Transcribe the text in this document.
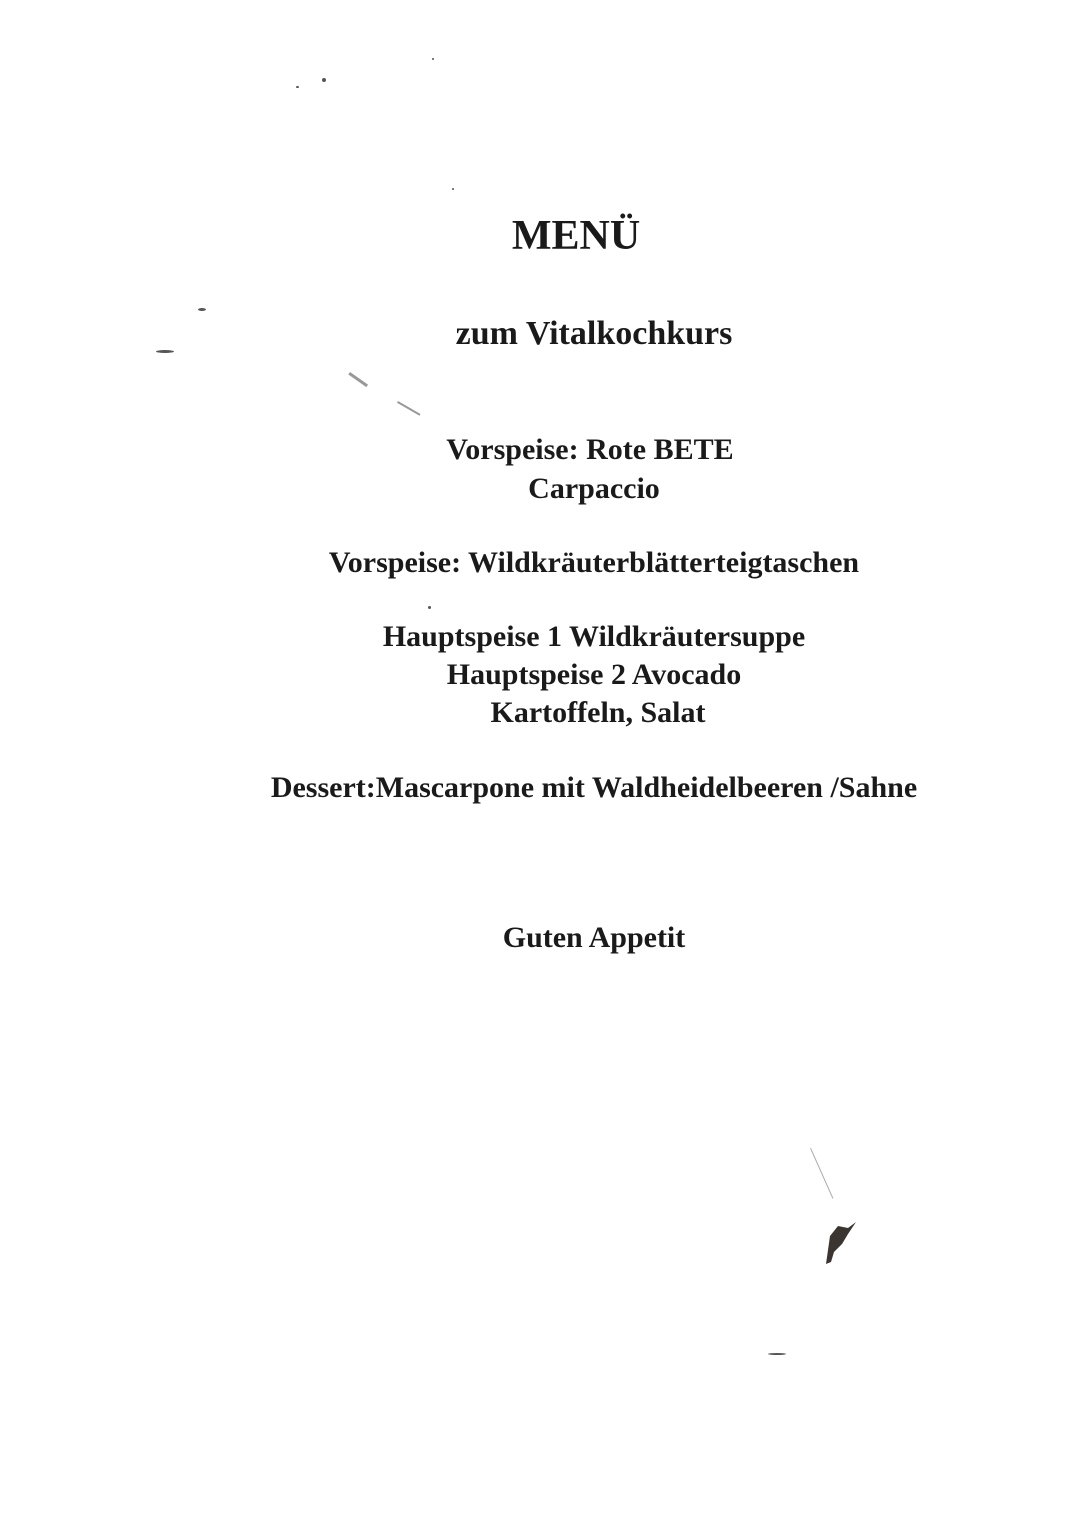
MENÜ
zum Vitalkochkurs
Vorspeise: Rote BETE
Carpaccio
Vorspeise: Wildkräuterblätterteigtaschen
Hauptspeise 1 Wildkräutersuppe
Hauptspeise 2 Avocado
Kartoffeln, Salat
Dessert:Mascarpone mit Waldheidelbeeren /Sahne
Guten Appetit
